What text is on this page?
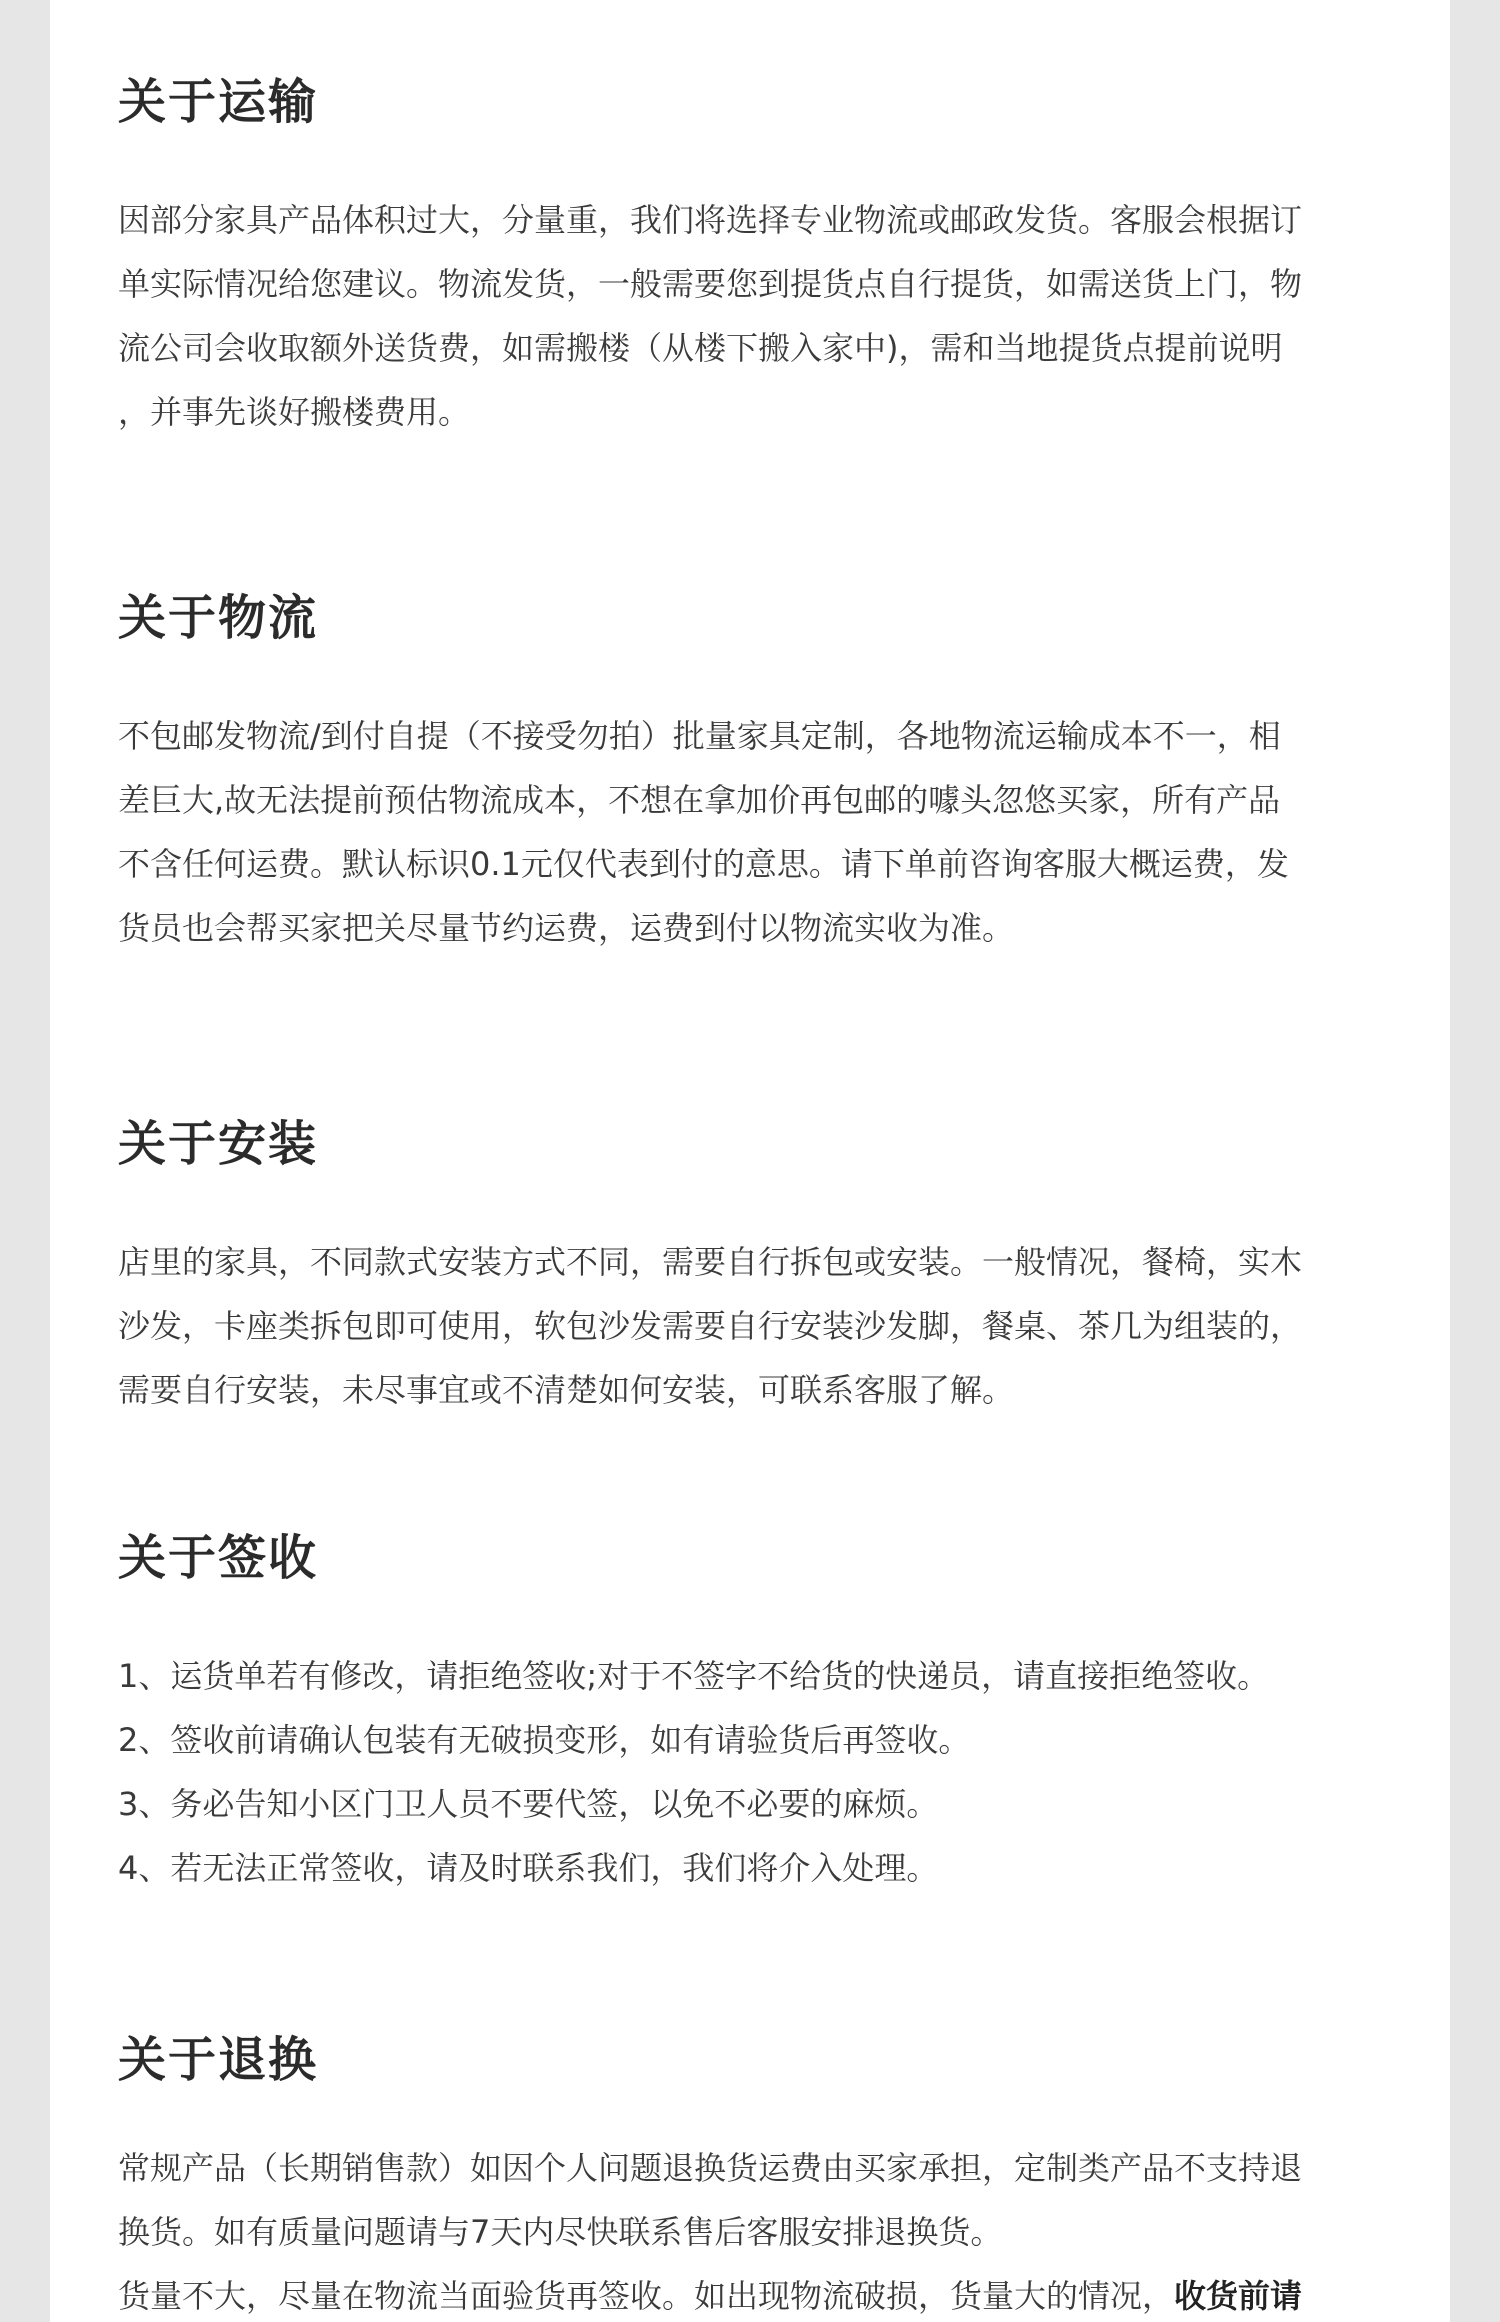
关于运输

因部分家具产品体积过大，分量重，我们将选择专业物流或邮政发货。客服会根据订

单实际情况给您建议。物流发货，一般需要您到提货点自行提货，如需送货上门，物

流公司会收取额外送货费，如需搬楼（从楼下搬入家中)，需和当地提货点提前说明

，并事先谈好搬楼费用。

关于物流

不包邮发物流/到付自提（不接受勿拍）批量家具定制，各地物流运输成本不一，相

差巨大,故无法提前预估物流成本，不想在拿加价再包邮的噱头忽悠买家，所有产品

不含任何运费。默认标识0.1元仅代表到付的意思。请下单前咨询客服大概运费，发

货员也会帮买家把关尽量节约运费，运费到付以物流实收为准。

关于安装

店里的家具，不同款式安装方式不同，需要自行拆包或安装。一般情况，餐椅，实木

沙发，卡座类拆包即可使用，软包沙发需要自行安装沙发脚，餐桌、茶几为组装的，

需要自行安装，未尽事宜或不清楚如何安装，可联系客服了解。

关于签收

1、运货单若有修改，请拒绝签收;对于不签字不给货的快递员，请直接拒绝签收。

2、签收前请确认包装有无破损变形，如有请验货后再签收。

3、务必告知小区门卫人员不要代签，以免不必要的麻烦。

4、若无法正常签收，请及时联系我们，我们将介入处理。

关于退换

常规产品（长期销售款）如因个人问题退换货运费由买家承担，定制类产品不支持退

换货。如有质量问题请与7天内尽快联系售后客服安排退换货。

货量不大，尽量在物流当面验货再签收。如出现物流破损，货量大的情况，收货前请
